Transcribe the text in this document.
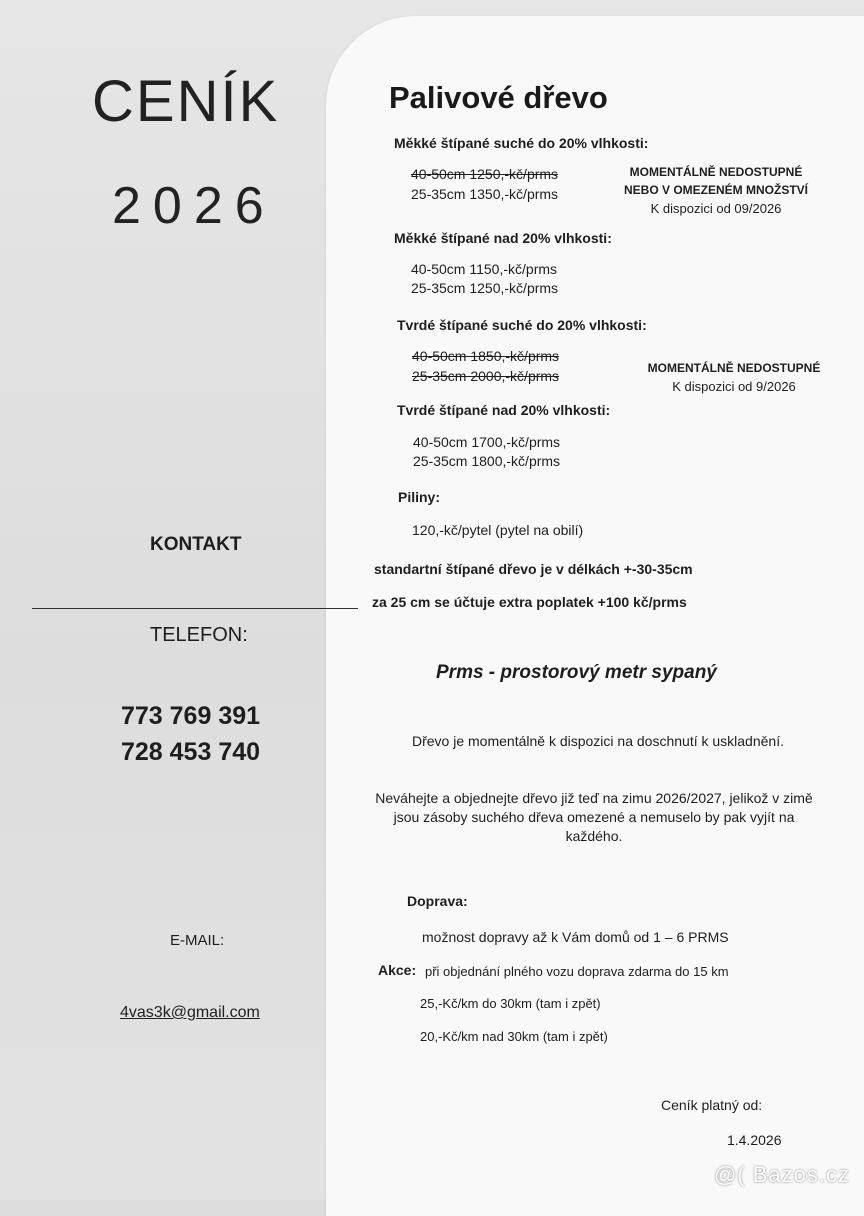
CENÍK
2026
KONTAKT
TELEFON:
773 769 391
728 453 740
E-MAIL:
4vas3k@gmail.com
Palivové dřevo
Měkké štípané suché do 20% vlhkosti:
40-50cm 1250,-kč/prms
25-35cm 1350,-kč/prms
MOMENTÁLNĚ NEDOSTUPNÉ
NEBO V OMEZENÉM MNOŽSTVÍ
K dispozici od 09/2026
Měkké štípané nad 20% vlhkosti:
40-50cm 1150,-kč/prms
25-35cm 1250,-kč/prms
Tvrdé štípané suché do 20% vlhkosti:
40-50cm 1850,-kč/prms
25-35cm 2000,-kč/prms	MOMENTÁLNĚ NEDOSTUPNÉ
K dispozici od 9/2026
Tvrdé štípané nad 20% vlhkosti:
40-50cm 1700,-kč/prms
25-35cm 1800,-kč/prms
Piliny:
120,-kč/pytel (pytel na obilí)
standartní štípané dřevo je v délkách +-30-35cm
za 25 cm se účtuje extra poplatek +100 kč/prms
Prms - prostorový metr sypaný
Dřevo je momentálně k dispozici na doschnutí k uskladnění.
Neváhejte a objednejte dřevo již teď na zimu 2026/2027, jelikož v zimě jsou zásoby suchého dřeva omezené a nemuselo by pak vyjít na každého.
Doprava:
možnost dopravy až k Vám domů od 1 – 6 PRMS
Akce: při objednání plného vozu doprava zdarma do 15 km
25,-Kč/km do 30km (tam i zpět)
20,-Kč/km nad 30km (tam i zpět)
Ceník platný od:
1.4.2026
@( Bazos.cz
